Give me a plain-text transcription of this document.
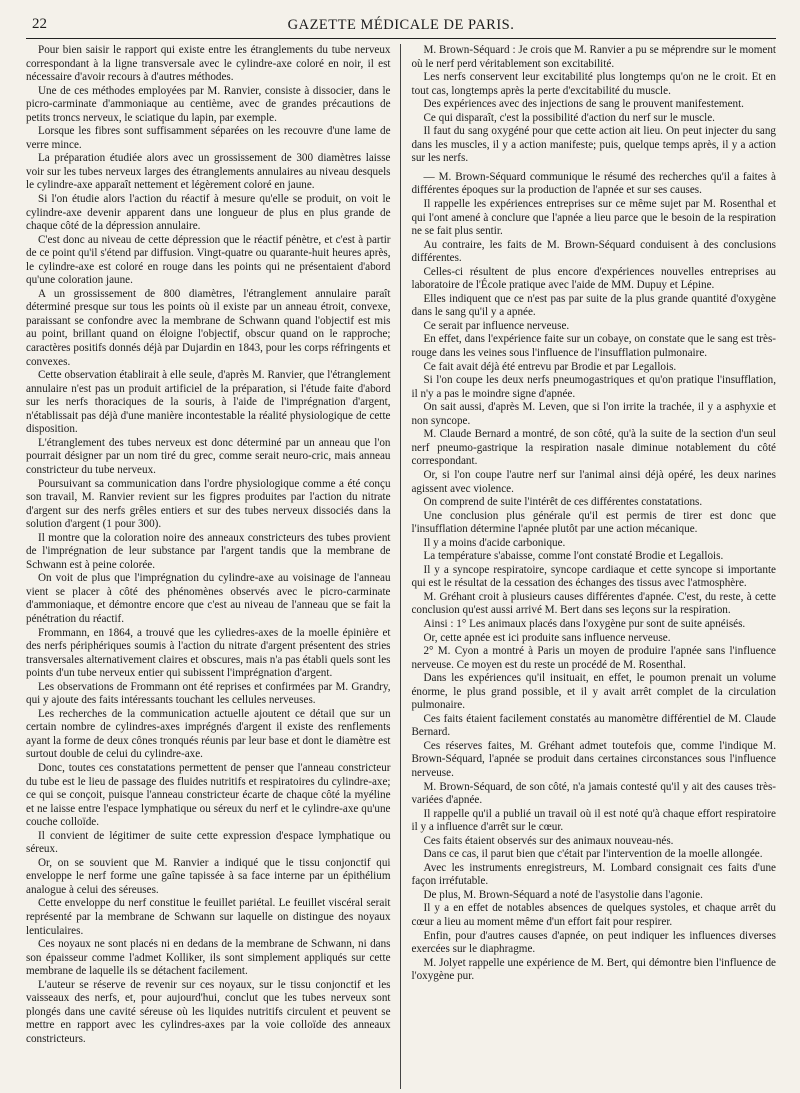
22	GAZETTE MÉDICALE DE PARIS.

Pour bien saisir le rapport qui existe entre les étranglements du tube nerveux correspondant à la ligne transversale avec le cylindre-axe coloré en noir, il est nécessaire d'avoir recours à d'autres méthodes.

Une de ces méthodes employées par M. Ranvier, consiste à dissocier, dans le picro-carminate d'ammoniaque au centième, avec de grandes précautions de petits troncs nerveux, le sciatique du lapin, par exemple.

Lorsque les fibres sont suffisamment séparées on les recouvre d'une lame de verre mince.

La préparation étudiée alors avec un grossissement de 300 diamètres laisse voir sur les tubes nerveux larges des étranglements annulaires au niveau desquels le cylindre-axe apparaît nettement et légèrement coloré en jaune.

Si l'on étudie alors l'action du réactif à mesure qu'elle se produit, on voit le cylindre-axe devenir apparent dans une longueur de plus en plus grande de chaque côté de la dépression annulaire.

C'est donc au niveau de cette dépression que le réactif pénètre, et c'est à partir de ce point qu'il s'étend par diffusion. Vingt-quatre ou quarante-huit heures après, le cylindre-axe est coloré en rouge dans les points qui ne présentaient d'abord qu'une coloration jaune.

A un grossissement de 800 diamètres, l'étranglement annulaire paraît déterminé presque sur tous les points où il existe par un anneau étroit, convexe, paraissant se confondre avec la membrane de Schwann quand l'objectif est mis au point, brillant quand on éloigne l'objectif, obscur quand on le rapproche; caractères positifs donnés déjà par Dujardin en 1843, pour les corps réfringents et convexes.

Cette observation établirait à elle seule, d'après M. Ranvier, que l'étranglement annulaire n'est pas un produit artificiel de la préparation, si l'étude faite d'abord sur les nerfs thoraciques de la souris, à l'aide de l'imprégnation d'argent, n'établissait pas déjà d'une manière incontestable la réalité physiologique de cette disposition.

L'étranglement des tubes nerveux est donc déterminé par un anneau que l'on pourrait désigner par un nom tiré du grec, comme serait neuro-cric, mais anneau constricteur du tube nerveux.

Poursuivant sa communication dans l'ordre physiologique comme a été conçu son travail, M. Ranvier revient sur les figpres produites par l'action du nitrate d'argent sur des nerfs grêles entiers et sur des tubes nerveux dissociés dans la solution d'argent (1 pour 300).

Il montre que la coloration noire des anneaux constricteurs des tubes provient de l'imprégnation de leur substance par l'argent tandis que la membrane de Schwann est à peine colorée.

On voit de plus que l'imprégnation du cylindre-axe au voisinage de l'anneau vient se placer à côté des phénomènes observés avec le picro-carminate d'ammoniaque, et démontre encore que c'est au niveau de l'anneau que se fait la pénétration du réactif.

Frommann, en 1864, a trouvé que les cyliedres-axes de la moelle épinière et des nerfs périphériques soumis à l'action du nitrate d'argent présentent des stries transversales alternativement claires et obscures, mais n'a pas établi quels sont les points d'un tube nerveux entier qui subissent l'imprégnation d'argent.

Les observations de Frommann ont été reprises et confirmées par M. Grandry, qui y ajoute des faits intéressants touchant les cellules nerveuses.

Les recherches de la communication actuelle ajoutent ce détail que sur un certain nombre de cylindres-axes imprégnés d'argent il existe des renflements ayant la forme de deux cônes tronqués réunis par leur base et dont le diamètre est surtout double de celui du cylindre-axe.

Donc, toutes ces constatations permettent de penser que l'anneau constricteur du tube est le lieu de passage des fluides nutritifs et respiratoires du cylindre-axe; ce qui se conçoit, puisque l'anneau constricteur écarte de chaque côté la myéline et ne laisse entre l'espace lymphatique ou séreux du nerf et le cylindre-axe qu'une couche colloïde.

Il convient de légitimer de suite cette expression d'espace lymphatique ou séreux.

Or, on se souvient que M. Ranvier a indiqué que le tissu conjonctif qui enveloppe le nerf forme une gaîne tapissée à sa face interne par un épithélium analogue à celui des séreuses.

Cette enveloppe du nerf constitue le feuillet pariétal. Le feuillet viscéral serait représenté par la membrane de Schwann sur laquelle on distingue des noyaux lenticulaires.

Ces noyaux ne sont placés ni en dedans de la membrane de Schwann, ni dans son épaisseur comme l'admet Kolliker, ils sont simplement appliqués sur cette membrane de laquelle ils se détachent facilement.

L'auteur se réserve de revenir sur ces noyaux, sur le tissu conjonctif et les vaisseaux des nerfs, et, pour aujourd'hui, conclut que les tubes nerveux sont plongés dans une cavité séreuse où les liquides nutritifs circulent et peuvent se mettre en rapport avec les cylindres-axes par la voie colloïde des anneaux constricteurs.

M. Brown-Séquard : Je crois que M. Ranvier a pu se méprendre sur le moment où le nerf perd véritablement son excitabilité.

Les nerfs conservent leur excitabilité plus longtemps qu'on ne le croit. Et en tout cas, longtemps après la perte d'excitabilité du muscle.

Des expériences avec des injections de sang le prouvent manifestement.

Ce qui disparaît, c'est la possibilité d'action du nerf sur le muscle.

Il faut du sang oxygéné pour que cette action ait lieu. On peut injecter du sang dans les muscles, il y a action manifeste; puis, quelque temps après, il y a action sur les nerfs.

— M. Brown-Séquard communique le résumé des recherches qu'il a faites à différentes époques sur la production de l'apnée et sur ses causes.

Il rappelle les expériences entreprises sur ce même sujet par M. Rosenthal et qui l'ont amené à conclure que l'apnée a lieu parce que le besoin de la respiration ne se fait plus sentir.

Au contraire, les faits de M. Brown-Séquard conduisent à des conclusions différentes.

Celles-ci résultent de plus encore d'expériences nouvelles entreprises au laboratoire de l'École pratique avec l'aide de MM. Dupuy et Lépine.

Elles indiquent que ce n'est pas par suite de la plus grande quantité d'oxygène dans le sang qu'il y a apnée.

Ce serait par influence nerveuse.

En effet, dans l'expérience faite sur un cobaye, on constate que le sang est très-rouge dans les veines sous l'influence de l'insufflation pulmonaire.

Ce fait avait déjà été entrevu par Brodie et par Legallois.

Si l'on coupe les deux nerfs pneumogastriques et qu'on pratique l'insufflation, il n'y a pas le moindre signe d'apnée.

On sait aussi, d'après M. Leven, que si l'on irrite la trachée, il y a asphyxie et non syncope.

M. Claude Bernard a montré, de son côté, qu'à la suite de la section d'un seul nerf pneumo-gastrique la respiration nasale diminue notablement du côté correspondant.

Or, si l'on coupe l'autre nerf sur l'animal ainsi déjà opéré, les deux narines agissent avec violence.

On comprend de suite l'intérêt de ces différentes constatations.

Une conclusion plus générale qu'il est permis de tirer est donc que l'insufflation détermine l'apnée plutôt par une action mécanique.

Il y a moins d'acide carbonique.

La température s'abaisse, comme l'ont constaté Brodie et Legallois.

Il y a syncope respiratoire, syncope cardiaque et cette syncope si importante qui est le résultat de la cessation des échanges des tissus avec l'atmosphère.

M. Gréhant croit à plusieurs causes différentes d'apnée. C'est, du reste, à cette conclusion qu'est aussi arrivé M. Bert dans ses leçons sur la respiration.

Ainsi : 1° Les animaux placés dans l'oxygène pur sont de suite apnéisés.

Or, cette apnée est ici produite sans influence nerveuse.

2° M. Cyon a montré à Paris un moyen de produire l'apnée sans l'influence nerveuse. Ce moyen est du reste un procédé de M. Rosenthal.

Dans les expériences qu'il insituait, en effet, le poumon prenait un volume énorme, le plus grand possible, et il y avait arrêt complet de la circulation pulmonaire.

Ces faits étaient facilement constatés au manomètre différentiel de M. Claude Bernard.

Ces réserves faites, M. Gréhant admet toutefois que, comme l'indique M. Brown-Séquard, l'apnée se produit dans certaines circonstances sous l'influence nerveuse.

M. Brown-Séquard, de son côté, n'a jamais contesté qu'il y ait des causes très-variées d'apnée.

Il rappelle qu'il a publié un travail où il est noté qu'à chaque effort respiratoire il y a influence d'arrêt sur le cœur.

Ces faits étaient observés sur des animaux nouveau-nés.

Dans ce cas, il parut bien que c'était par l'intervention de la moelle allongée.

Avec les instruments enregistreurs, M. Lombard consignait ces faits d'une façon irréfutable.

De plus, M. Brown-Séquard a noté de l'asystolie dans l'agonie.

Il y a en effet de notables absences de quelques systoles, et chaque arrêt du cœur a lieu au moment même d'un effort fait pour respirer.

Enfin, pour d'autres causes d'apnée, on peut indiquer les influences diverses exercées sur le diaphragme.

M. Jolyet rappelle une expérience de M. Bert, qui démontre bien l'influence de l'oxygène pur.
